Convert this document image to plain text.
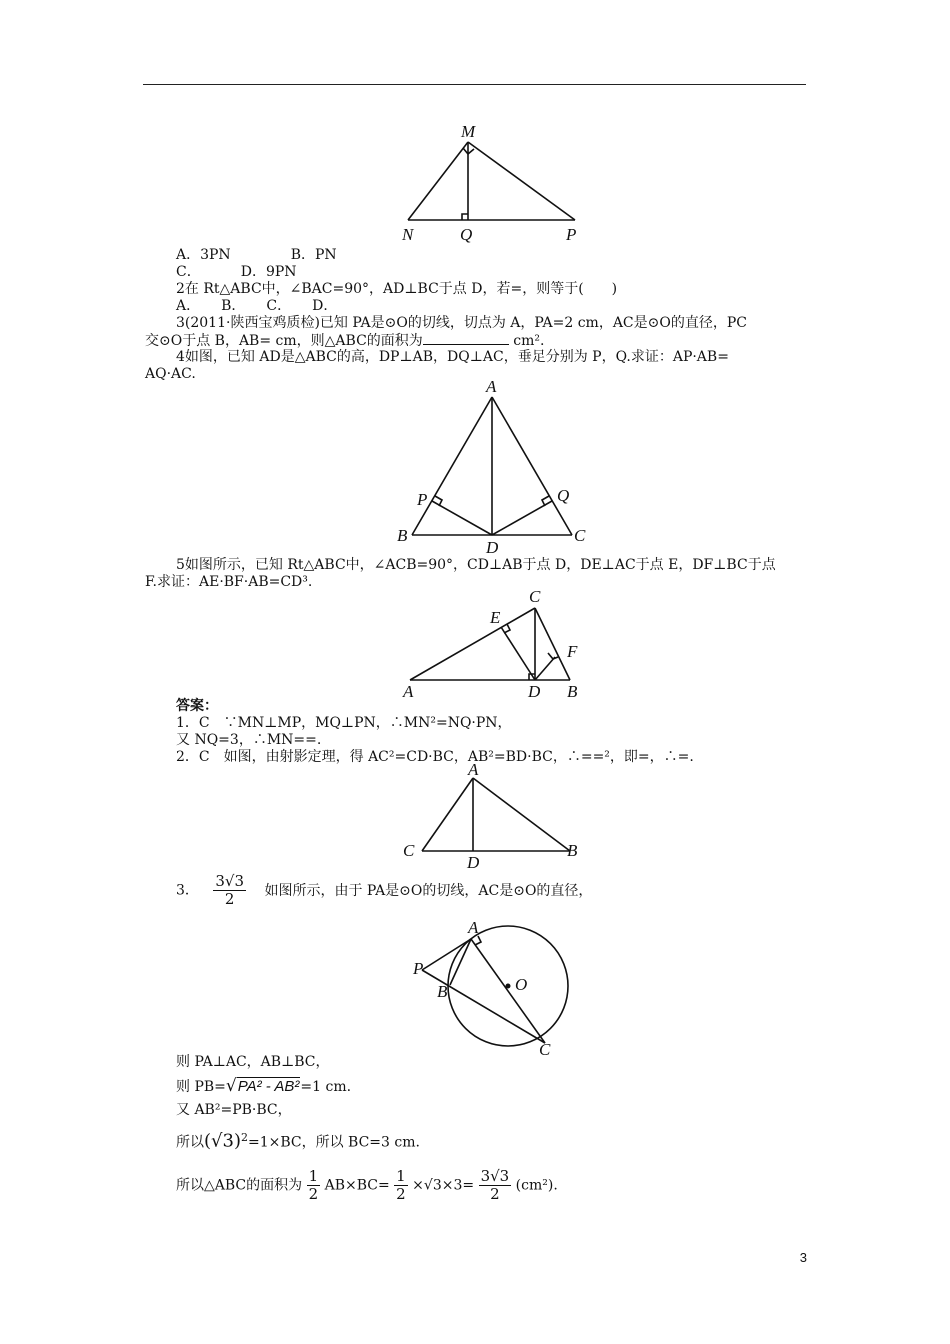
M
N	Q	P
A．3PN	B．PN
C．	D．9PN
2在 Rt△ABC中，∠BAC=90°，AD⊥BC于点 D，若=，则等于(　　)
A．　　B．　　C．　　D．
3(2011·陕西宝鸡质检)已知 PA是⊙O的切线，切点为 A，PA=2 cm，AC是⊙O的直径，PC
交⊙O于点 B，AB= cm，则△ABC的面积为	cm².
4如图，已知 AD是△ABC的高，DP⊥AB，DQ⊥AC，垂足分别为 P，Q.求证：AP·AB=
AQ·AC.
A
P	Q
B	C
D
5如图所示，已知 Rt△ABC中，∠ACB=90°，CD⊥AB于点 D，DE⊥AC于点 E，DF⊥BC于点
F.求证：AE·BF·AB=CD³.
C
E
F
A	D B
答案：
1．C　∵MN⊥MP，MQ⊥PN，∴MN²=NQ·PN，
又 NQ=3，∴MN==.
2．C　如图，由射影定理，得 AC²=CD·BC，AB²=BD·BC，∴==²，即=，∴=.
A
C	B
D
3． $\frac{3√3}{2}$ 如图所示，由于 PA是⊙O的切线，AC是⊙O的直径，
A
P
B	O
C
则 PA⊥AC，AB⊥BC，
则 PB=√PA² - AB²=1 cm.
又 AB²=PB·BC，
所以$(√3)^2=1\times BC$，所以 BC=3 cm.
所以△ABC的面积为 $\frac{1}{2} AB\times BC= \frac{1}{2} \times√3\times 3= \frac{3√3}{2} (cm^2)$.
3
